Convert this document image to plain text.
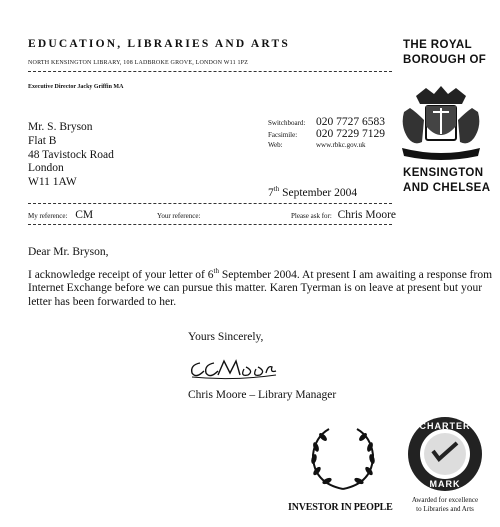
EDUCATION, LIBRARIES AND ARTS
NORTH KENSINGTON LIBRARY, 108 LADBROKE GROVE, LONDON W11 1PZ
Executive Director Jacky Griffin MA
THE ROYAL
BOROUGH OF
KENSINGTON
AND CHELSEA
Mr. S. Bryson
Flat B
48 Tavistock Road
London
W11 1AW
Switchboard: 020 7727 6583
Facsimile:	020 7229 7129
Web:	www.rbkc.gov.uk
7th September 2004
My reference: CM	Your reference:	Please ask for: Chris Moore
Dear Mr. Bryson,
I acknowledge receipt of your letter of 6th September 2004. At present I am awaiting a response from Internet Exchange before we can pursue this matter. Karen Tyerman is on leave at present but your letter has been forwarded to her.
Yours Sincerely,
Chris Moore – Library Manager
INVESTOR IN PEOPLE
CHARTER
MARK
Awarded for excellence
to Libraries and Arts
